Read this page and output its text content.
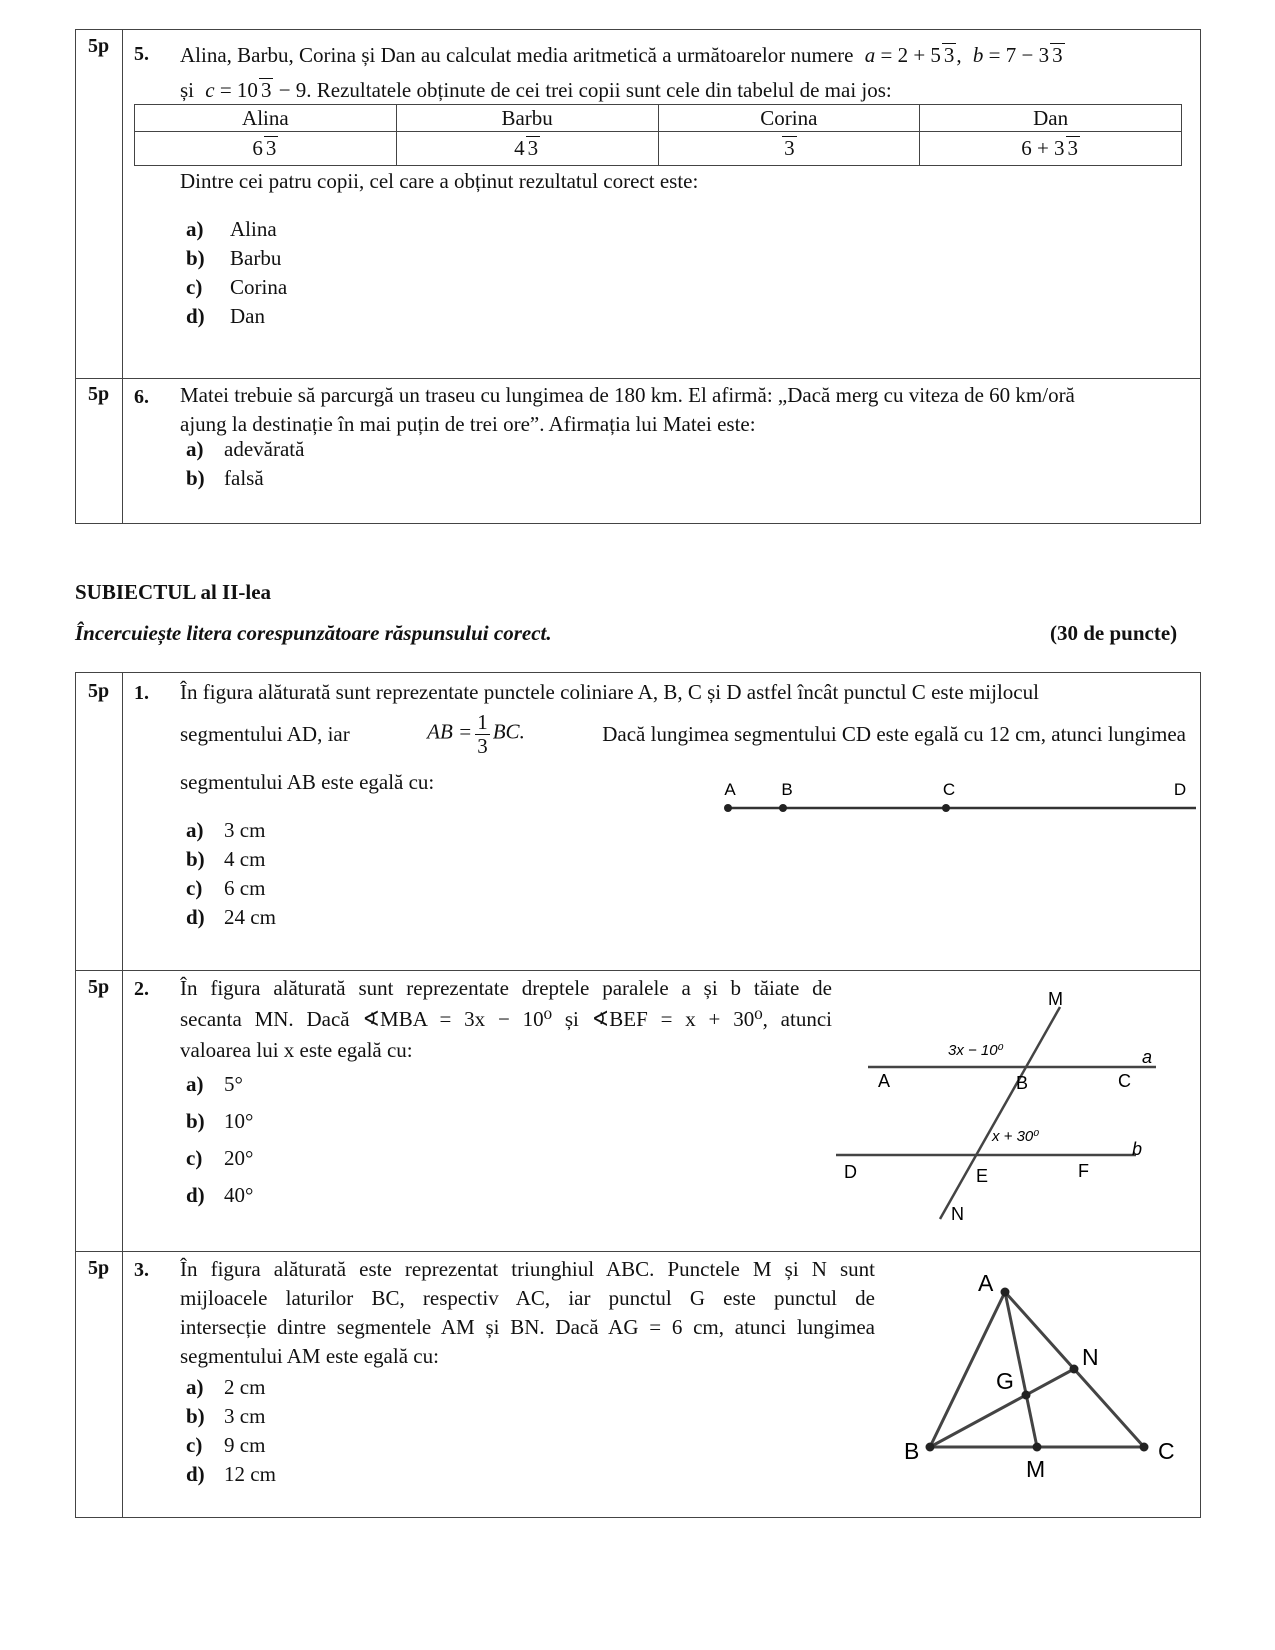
5p 5. Alina, Barbu, Corina și Dan au calculat media aritmetică a următoarelor numere a = 2 + 5 3, b = 7 − 3 3
și c = 10 3 − 9. Rezultatele obținute de cei trei copii sunt cele din tabelul de mai jos:
Alina	Barbu	Corina	Dan
6 3	4 3	3	6 + 3 3
Dintre cei patru copii, cel care a obținut rezultatul corect este:
a) Alina
b) Barbu
c) Corina
d) Dan
5p 6. Matei trebuie să parcurgă un traseu cu lungimea de 180 km. El afirmă: „Dacă merg cu viteza de 60 km/oră
ajung la destinație în mai puțin de trei ore”. Afirmația lui Matei este:
a) adevărată
b) falsă
SUBIECTUL al II-lea
Încercuiește litera corespunzătoare răspunsului corect.	(30 de puncte)
5p 1. În figura alăturată sunt reprezentate punctele coliniare A, B, C și D astfel încât punctul C este mijlocul
segmentului AD, iar	AB = $\frac{1}{3}$ BC.	Dacă lungimea segmentului CD este egală cu 12 cm, atunci lungimea
segmentului AB este egală cu:	A	B	C	D
a) 3 cm
b) 4 cm
c) 6 cm
d) 24 cm
5p 2. În figura alăturată sunt reprezentate dreptele paralele a și b tăiate de
secanta MN. Dacă ∢MBA = 3x − 10⁰ și ∢BEF = x + 30⁰, atunci
valoarea lui x este egală cu:
a) 5°
b) 10°
c) 20°
d) 40°
M
A	B	C
D	E	F
N
a
b
3x − 10⁰
x + 30⁰
5p 3. În figura alăturată este reprezentat triunghiul ABC. Punctele M și N sunt
mijloacele laturilor BC, respectiv AC, iar punctul G este punctul de
intersecție dintre segmentele AM și BN. Dacă AG = 6 cm, atunci lungimea
segmentului AM este egală cu:
a) 2 cm
b) 3 cm
c) 9 cm
d) 12 cm
A
N
G
B
M
C
